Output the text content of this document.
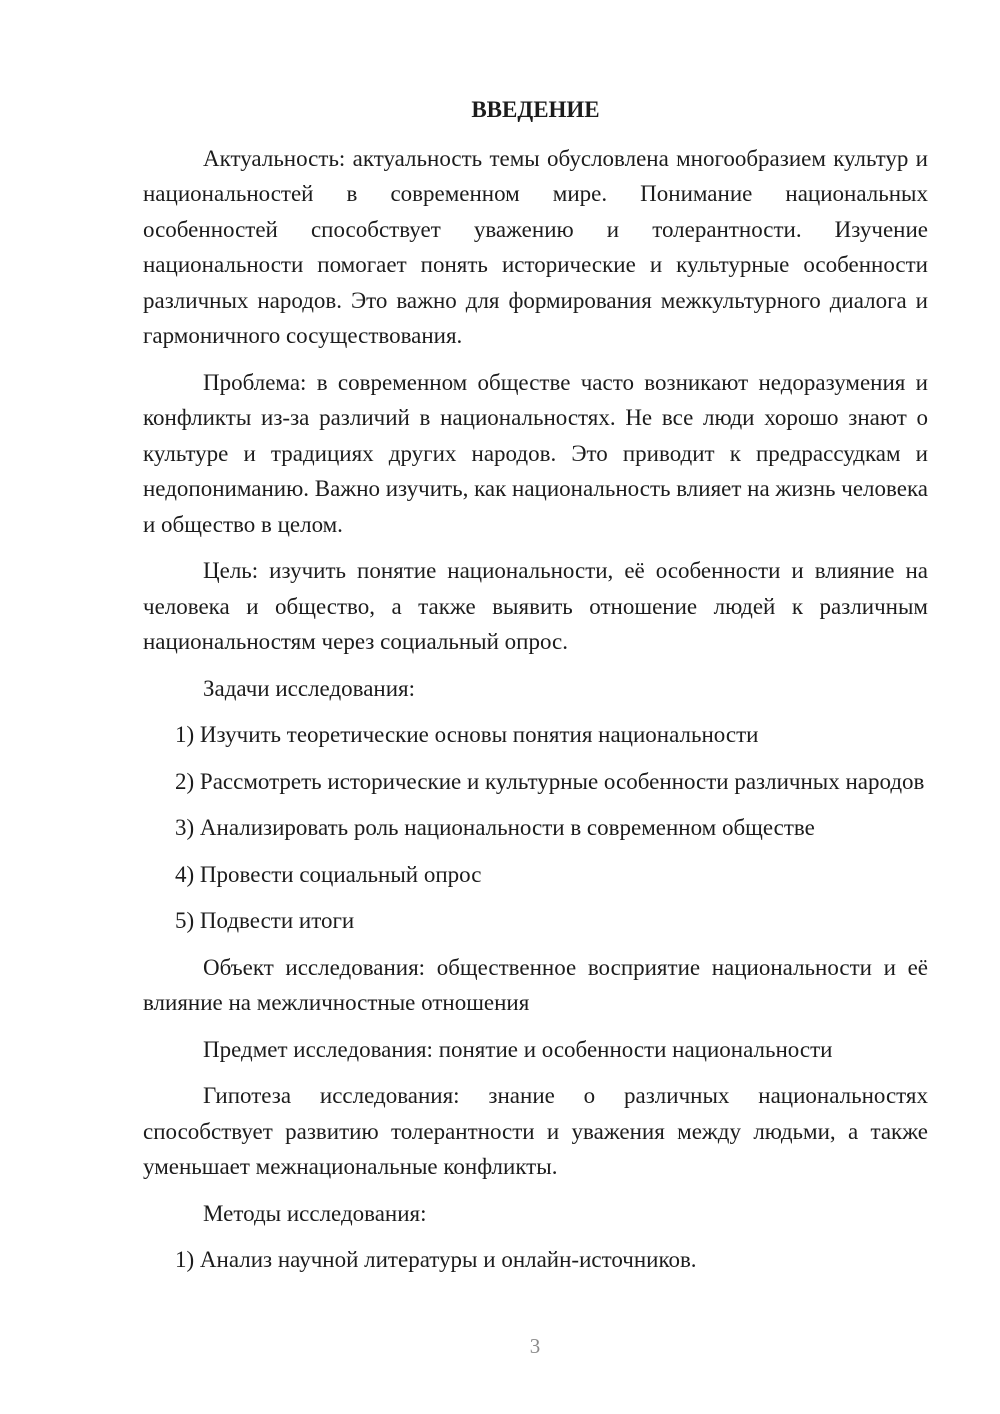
ВВЕДЕНИЕ

Актуальность: актуальность темы обусловлена многообразием культур и национальностей в современном мире. Понимание национальных особенностей способствует уважению и толерантности. Изучение национальности помогает понять исторические и культурные особенности различных народов. Это важно для формирования межкультурного диалога и гармоничного сосуществования.

Проблема: в современном обществе часто возникают недоразумения и конфликты из-за различий в национальностях. Не все люди хорошо знают о культуре и традициях других народов. Это приводит к предрассудкам и недопониманию. Важно изучить, как национальность влияет на жизнь человека и общество в целом.

Цель: изучить понятие национальности, её особенности и влияние на человека и общество, а также выявить отношение людей к различным национальностям через социальный опрос.

Задачи исследования:

1) Изучить теоретические основы понятия национальности

2) Рассмотреть исторические и культурные особенности различных народов

3) Анализировать роль национальности в современном обществе

4) Провести социальный опрос

5) Подвести итоги

Объект исследования: общественное восприятие национальности и её влияние на межличностные отношения

Предмет исследования: понятие и особенности национальности

Гипотеза исследования: знание о различных национальностях способствует развитию толерантности и уважения между людьми, а также уменьшает межнациональные конфликты.

Методы исследования:

1) Анализ научной литературы и онлайн-источников.

3
